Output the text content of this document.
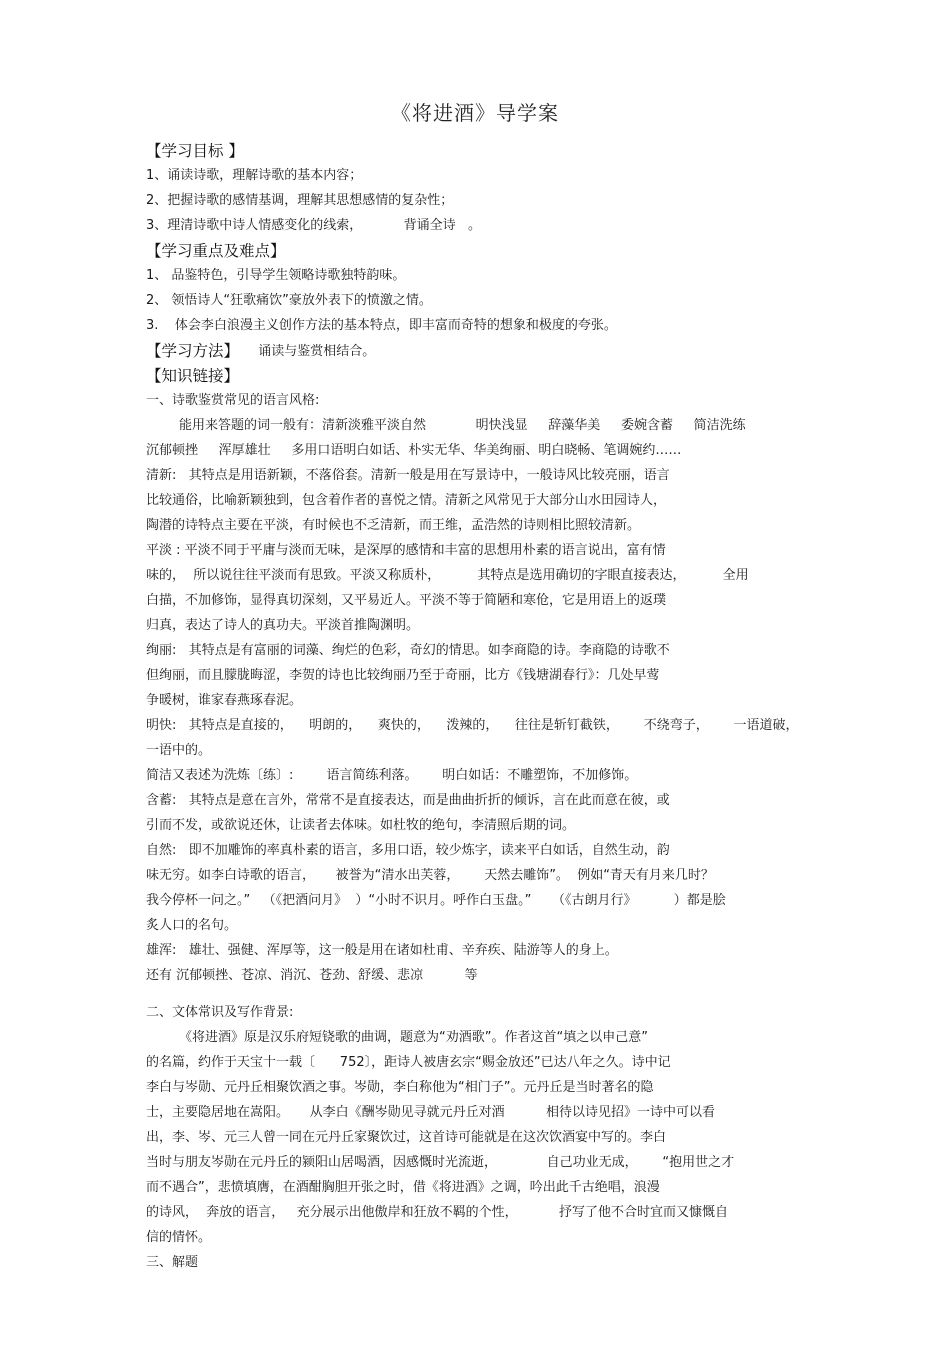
《将进酒》导学案
【学习目标 】
1、诵读诗歌，理解诗歌的基本内容；
2、把握诗歌的感情基调，理解其思想感情的复杂性；
3、理清诗歌中诗人情感变化的线索，          背诵全诗   。
【学习重点及难点】
1、 品鉴特色，引导学生领略诗歌独特韵味。
2、 领悟诗人“狂歌痛饮”豪放外表下的愤激之情。
3.    体会李白浪漫主义创作方法的基本特点，即丰富而奇特的想象和极度的夸张。
【学习方法】 诵读与鉴赏相结合。
【知识链接】
一、诗歌鉴赏常见的语言风格:
能用来答题的词一般有：清新淡雅平淡自然            明快浅显     辞藻华美     委婉含蓄     简洁洗练
沉郁顿挫     浑厚雄壮     多用口语明白如话、朴实无华、华美绚丽、明白晓畅、笔调婉约……
清新:   其特点是用语新颖，不落俗套。清新一般是用在写景诗中，一般诗风比较亮丽，语言
比较通俗，比喻新颖独到，包含着作者的喜悦之情。清新之风常见于大部分山水田园诗人，
陶潜的诗特点主要在平淡，有时候也不乏清新，而王维，孟浩然的诗则相比照较清新。
平淡 : 平淡不同于平庸与淡而无味，是深厚的感情和丰富的思想用朴素的语言说出，富有情
味的，  所以说往往平淡而有思致。平淡又称质朴，         其特点是选用确切的字眼直接表达，         全用
白描，不加修饰，显得真切深刻，又平易近人。平淡不等于简陋和寒伧，它是用语上的返璞
归真，表达了诗人的真功夫。平淡首推陶渊明。
绚丽:   其特点是有富丽的词藻、绚烂的色彩，奇幻的情思。如李商隐的诗。李商隐的诗歌不
但绚丽，而且朦胧晦涩，李贺的诗也比较绚丽乃至于奇丽，比方《钱塘湖春行》：几处早莺
争暖树，谁家春燕琢春泥。
明快:   其特点是直接的，    明朗的，    爽快的，    泼辣的，    往往是斩钉截铁，      不绕弯子，      一语道破，
一语中的。
简洁又表述为洗炼〔练〕:        语言简练利落。      明白如话：不雕塑饰，不加修饰。
含蓄:   其特点是意在言外，常常不是直接表达，而是曲曲折折的倾诉，言在此而意在彼，或
引而不发，或欲说还休，让读者去体味。如杜牧的绝句，李清照后期的词。
自然:   即不加雕饰的率真朴素的语言，多用口语，较少炼字，读来平白如话，自然生动，韵
味无穷。如李白诗歌的语言，     被誉为“清水出芙蓉，      天然去雕饰”。  例如“青天有月来几时？
我今停杯一问之。”   （《把酒问月》  ）“小时不识月。呼作白玉盘。”     （《古朗月行》         ）都是脍
炙人口的名句。
雄浑:   雄壮、强健、浑厚等，这一般是用在诸如杜甫、辛弃疾、陆游等人的身上。
还有 沉郁顿挫、苍凉、消沉、苍劲、舒缓、悲凉          等
二、文体常识及写作背景:
《将进酒》原是汉乐府短铙歌的曲调，题意为“劝酒歌”。作者这首“填之以申己意”
的名篇，约作于天宝十一载〔      752〕，距诗人被唐玄宗“赐金放还”已达八年之久。诗中记
李白与岑勋、元丹丘相聚饮酒之事。岑勋，李白称他为“相门子”。元丹丘是当时著名的隐
士，主要隐居地在嵩阳。     从李白《酬岑勋见寻就元丹丘对酒          相待以诗见招》一诗中可以看
出，李、岑、元三人曾一同在元丹丘家聚饮过，这首诗可能就是在这次饮酒宴中写的。李白
当时与朋友岑勋在元丹丘的颍阳山居喝酒，因感慨时光流逝，            自己功业无成，      “抱用世之才
而不遇合”，悲愤填膺，在酒酣胸胆开张之时，借《将进酒》之调，吟出此千古绝唱，浪漫
的诗风，  奔放的语言，   充分展示出他傲岸和狂放不羁的个性，          抒写了他不合时宜而又慷慨自
信的情怀。
三、解题
